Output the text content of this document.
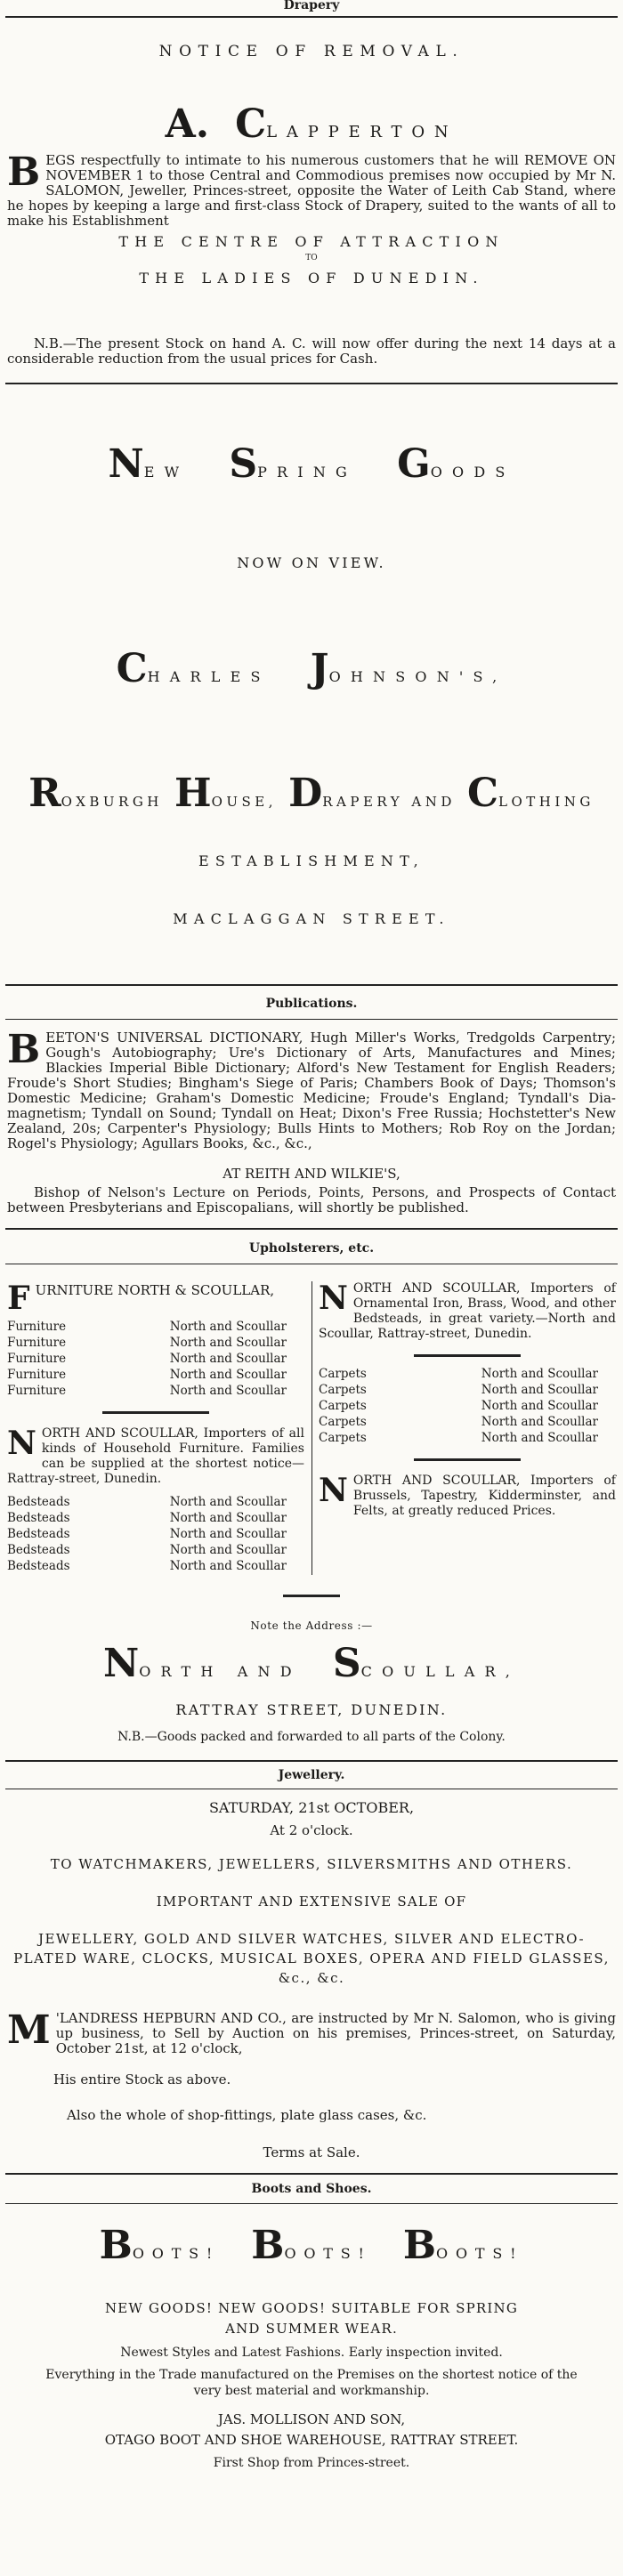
Drapery
NOTICE OF REMOVAL.
A. CLAPPERTON
BEGS respectfully to intimate to his numerous customers that he will REMOVE ON NOVEMBER 1 to those Central and Commodious premises now occupied by Mr N. SALOMON, Jeweller, Princes-street, opposite the Water of Leith Cab Stand, where he hopes by keeping a large and first-class Stock of Drapery, suited to the wants of all to make his Establishment
THE CENTRE OF ATTRACTION
TO
THE LADIES OF DUNEDIN.
N.B.—The present Stock on hand A. C. will now offer during the next 14 days at a considerable reduction from the usual prices for Cash.
NEW SPRING GOODS
NOW ON VIEW.
CHARLES JOHNSON'S,
ROXBURGH HOUSE, DRAPERY AND CLOTHING
ESTABLISHMENT,
MACLAGGAN STREET.
Publications.
BEETON'S UNIVERSAL DICTIONARY, Hugh Miller's Works, Tredgolds Carpentry; Gough's Autobiography; Ure's Dictionary of Arts, Manufactures and Mines; Blackies Imperial Bible Dictionary; Alford's New Testament for English Readers; Froude's Short Studies; Bingham's Siege of Paris; Chambers Book of Days; Thomson's Domestic Medicine; Graham's Domestic Medicine; Froude's England; Tyndall's Dia-magnetism; Tyndall on Sound; Tyndall on Heat; Dixon's Free Russia; Hochstetter's New Zealand, 20s; Carpenter's Physiology; Bulls Hints to Mothers; Rob Roy on the Jordan; Rogel's Physiology; Agullars Books, &c., &c.,
AT REITH AND WILKIE'S,
Bishop of Nelson's Lecture on Periods, Points, Persons, and Prospects of Contact between Presbyterians and Episcopalians, will shortly be published.
Upholsterers, etc.
FURNITURE NORTH & SCOULLAR,
Furniture	North and Scoullar
Furniture	North and Scoullar
Furniture	North and Scoullar
Furniture	North and Scoullar
Furniture	North and Scoullar
NORTH AND SCOULLAR, Importers of all kinds of Household Furniture. Families can be supplied at the shortest notice—Rattray-street, Dunedin.
Bedsteads	North and Scoullar
Bedsteads	North and Scoullar
Bedsteads	North and Scoullar
Bedsteads	North and Scoullar
Bedsteads	North and Scoullar
NORTH AND SCOULLAR, Importers of Ornamental Iron, Brass, Wood, and other Bedsteads, in great variety.—North and Scoullar, Rattray-street, Dunedin.
Carpets	North and Scoullar
Carpets	North and Scoullar
Carpets	North and Scoullar
Carpets	North and Scoullar
Carpets	North and Scoullar
NORTH AND SCOULLAR, Importers of Brussels, Tapestry, Kidderminster, and Felts, at greatly reduced Prices.
Note the Address :—
NORTH AND SCOULLAR,
RATTRAY STREET, DUNEDIN.
N.B.—Goods packed and forwarded to all parts of the Colony.
Jewellery.
SATURDAY, 21st OCTOBER,
At 2 o'clock.
TO WATCHMAKERS, JEWELLERS, SILVERSMITHS AND OTHERS.
IMPORTANT AND EXTENSIVE SALE OF
JEWELLERY, GOLD AND SILVER WATCHES, SILVER AND ELECTRO-PLATED WARE, CLOCKS, MUSICAL BOXES, OPERA AND FIELD GLASSES, &c., &c.
M 'LANDRESS HEPBURN AND CO., are instructed by Mr N. Salomon, who is giving up business, to Sell by Auction on his premises, Princes-street, on Saturday, October 21st, at 12 o'clock,
His entire Stock as above.
Also the whole of shop-fittings, plate glass cases, &c.
Terms at Sale.
Boots and Shoes.
BOOTS! BOOTS! BOOTS!
NEW GOODS! NEW GOODS! SUITABLE FOR SPRING
AND SUMMER WEAR.
Newest Styles and Latest Fashions. Early inspection invited.
Everything in the Trade manufactured on the Premises on the shortest notice of the very best material and workmanship.
JAS. MOLLISON AND SON,
OTAGO BOOT AND SHOE WAREHOUSE, RATTRAY STREET.
First Shop from Princes-street.
